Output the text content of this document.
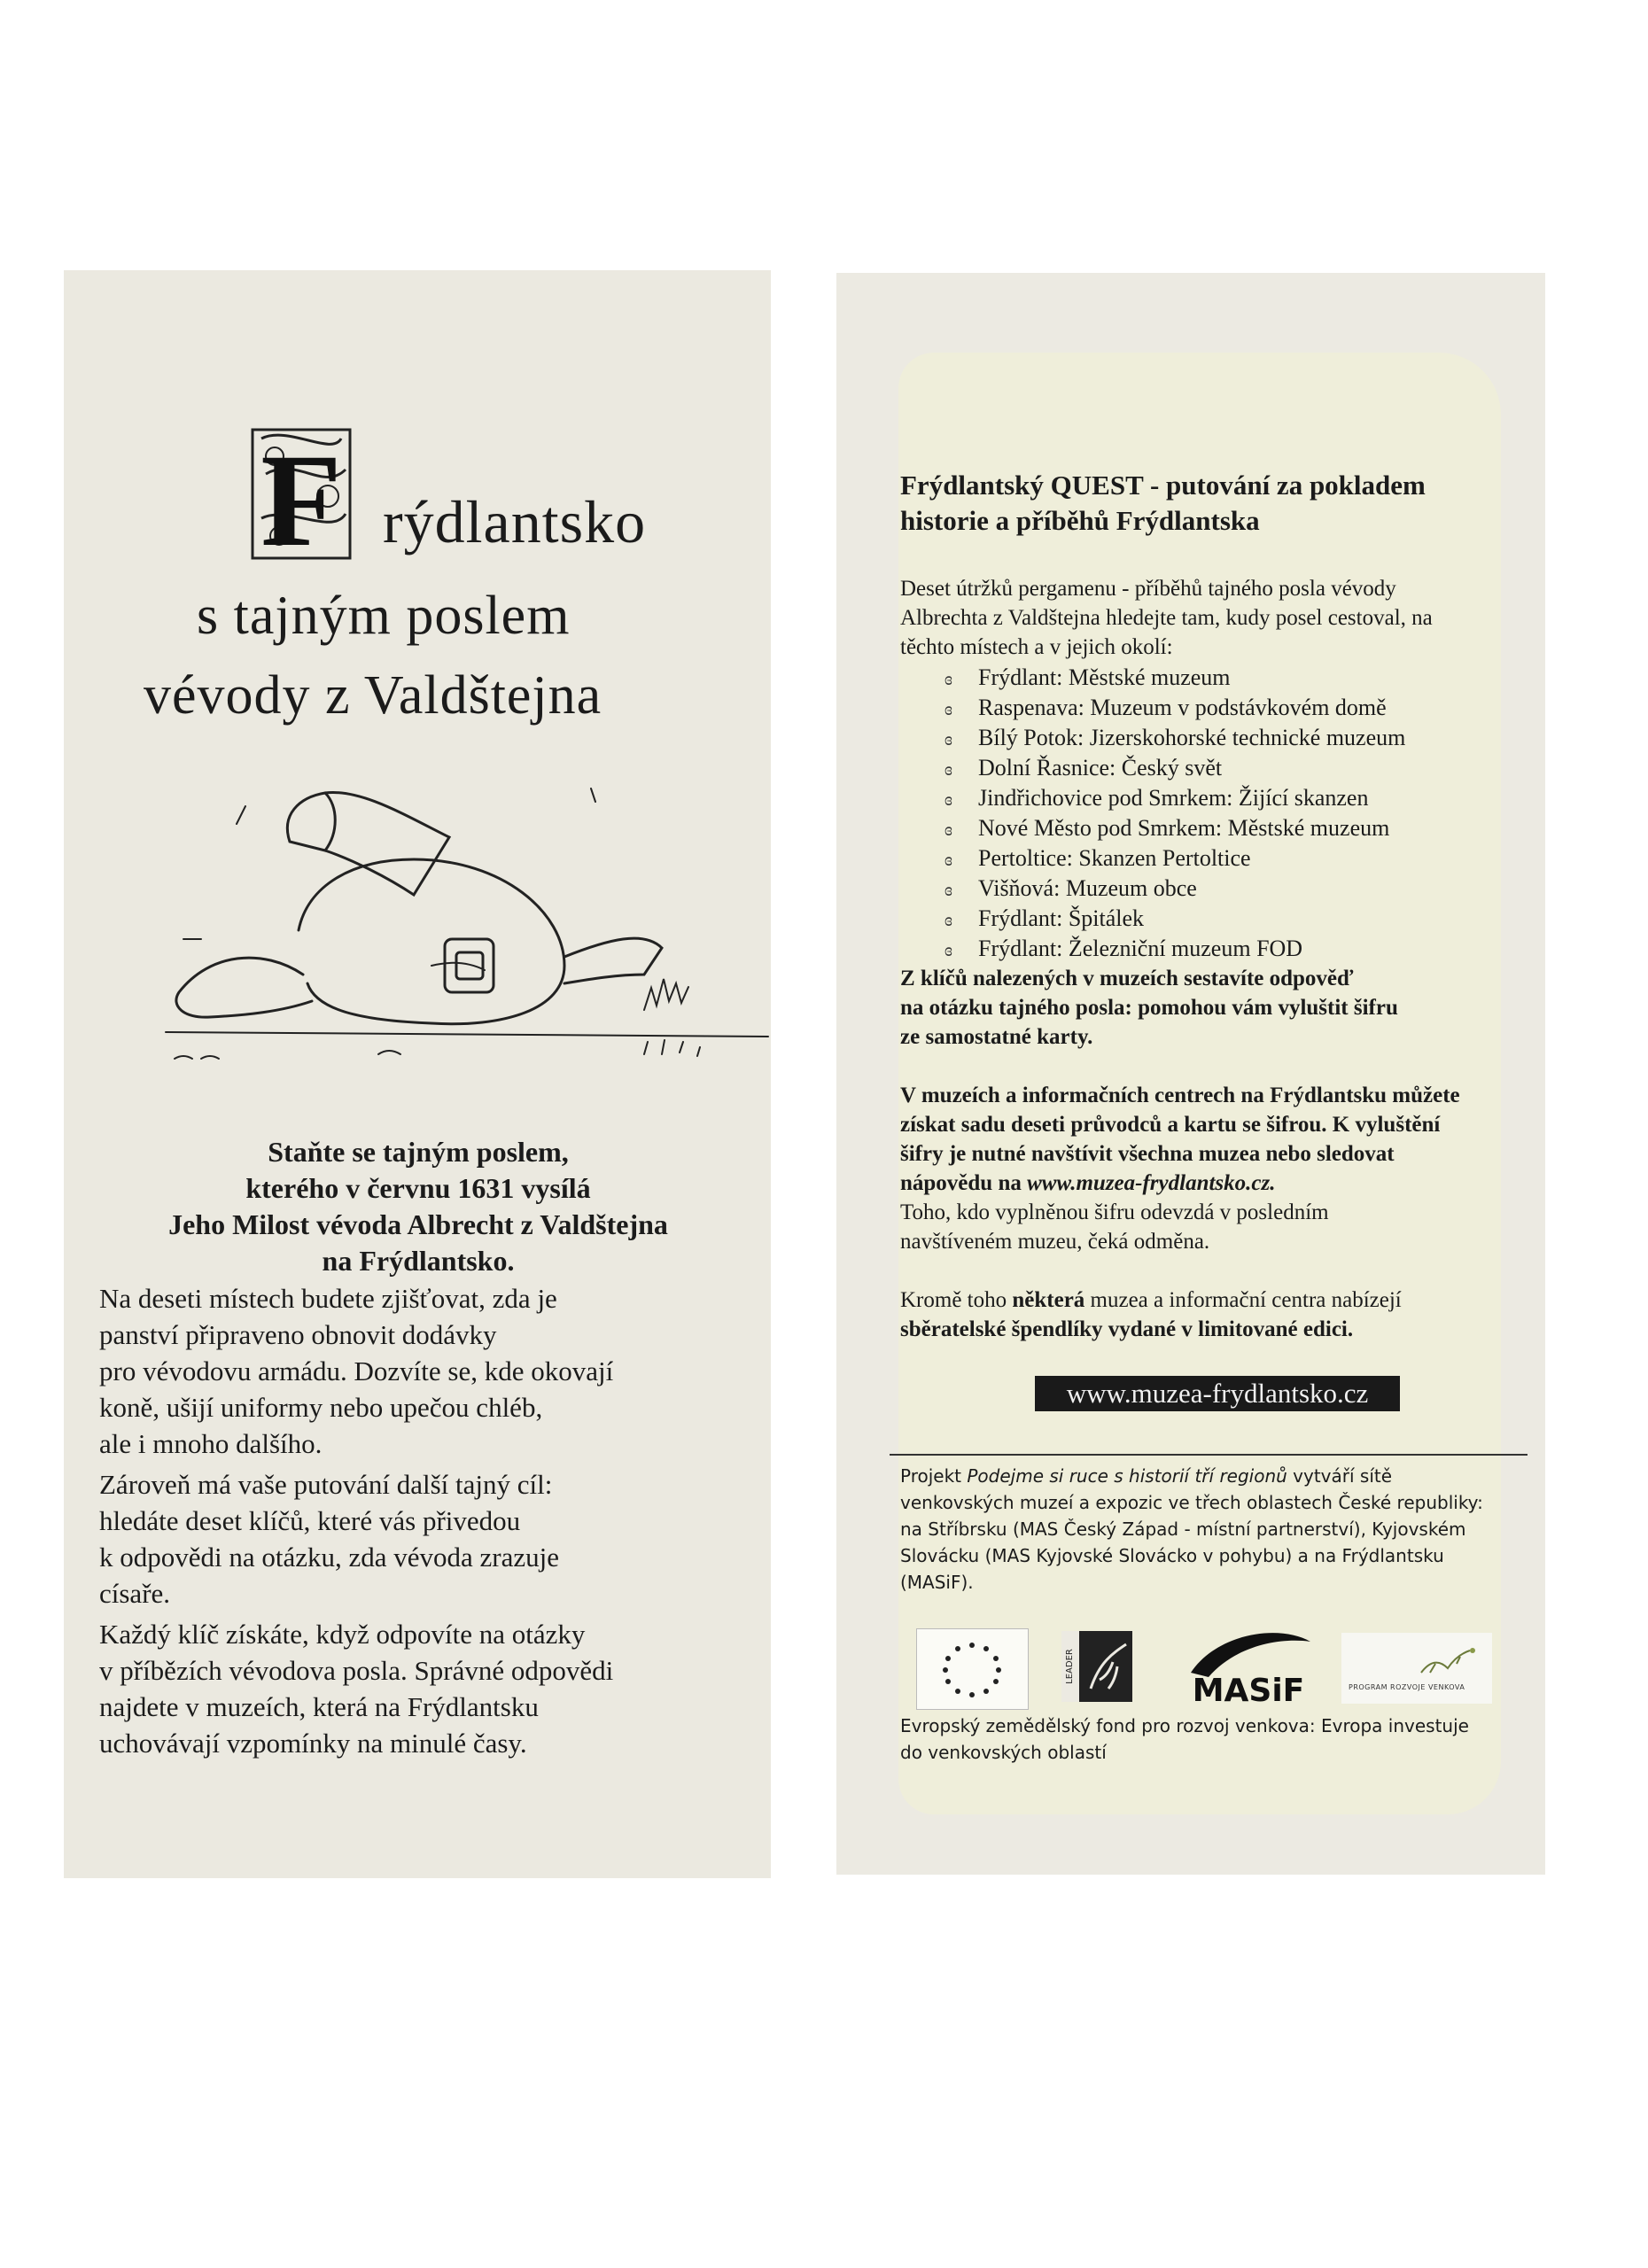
F rýdlantsko
s tajným poslem
vévody z Valdštejna
Staňte se tajným poslem,
kterého v červnu 1631 vysílá
Jeho Milost vévoda Albrecht z Valdštejna
na Frýdlantsko.
Na deseti místech budete zjišťovat, zda je
panství připraveno obnovit dodávky
pro vévodovu armádu. Dozvíte se, kde okovají
koně, ušijí uniformy nebo upečou chléb,
ale i mnoho dalšího.
Zároveň má vaše putování další tajný cíl:
hledáte deset klíčů, které vás přivedou
k odpovědi na otázku, zda vévoda zrazuje
císaře.
Každý klíč získáte, když odpovíte na otázky
v příbězích vévodova posla. Správné odpovědi
najdete v muzeích, která na Frýdlantsku
uchovávají vzpomínky na minulé časy.
Frýdlantský QUEST - putování za pokladem
historie a příběhů Frýdlantska
Deset útržků pergamenu - příběhů tajného posla vévody
Albrechta z Valdštejna hledejte tam, kudy posel cestoval, na
těchto místech a v jejich okolí:
ɞ Frýdlant: Městské muzeum
ɞ Raspenava: Muzeum v podstávkovém domě
ɞ Bílý Potok: Jizerskohorské technické muzeum
ɞ Dolní Řasnice: Český svět
ɞ Jindřichovice pod Smrkem: Žijící skanzen
ɞ Nové Město pod Smrkem: Městské muzeum
ɞ Pertoltice: Skanzen Pertoltice
ɞ Višňová: Muzeum obce
ɞ Frýdlant: Špitálek
ɞ Frýdlant: Železniční muzeum FOD
Z klíčů nalezených v muzeích sestavíte odpověď
na otázku tajného posla: pomohou vám vyluštit šifru
ze samostatné karty.
V muzeích a informačních centrech na Frýdlantsku můžete
získat sadu deseti průvodců a kartu se šifrou. K vyluštění
šifry je nutné navštívit všechna muzea nebo sledovat
nápovědu na www.muzea-frydlantsko.cz.
Toho, kdo vyplněnou šifru odevzdá v posledním
navštíveném muzeu, čeká odměna.
Kromě toho některá muzea a informační centra nabízejí
sběratelské špendlíky vydané v limitované edici.
www.muzea-frydlantsko.cz
Projekt Podejme si ruce s historií tří regionů vytváří sítě
venkovských muzeí a expozic ve třech oblastech České republiky:
na Stříbrsku (MAS Český Západ - místní partnerství), Kyjovském
Slovácku (MAS Kyjovské Slovácko v pohybu) a na Frýdlantsku
(MASiF).
LEADER
MASiF	PROGRAM ROZVOJE VENKOVA
Evropský zemědělský fond pro rozvoj venkova: Evropa investuje
do venkovských oblastí
